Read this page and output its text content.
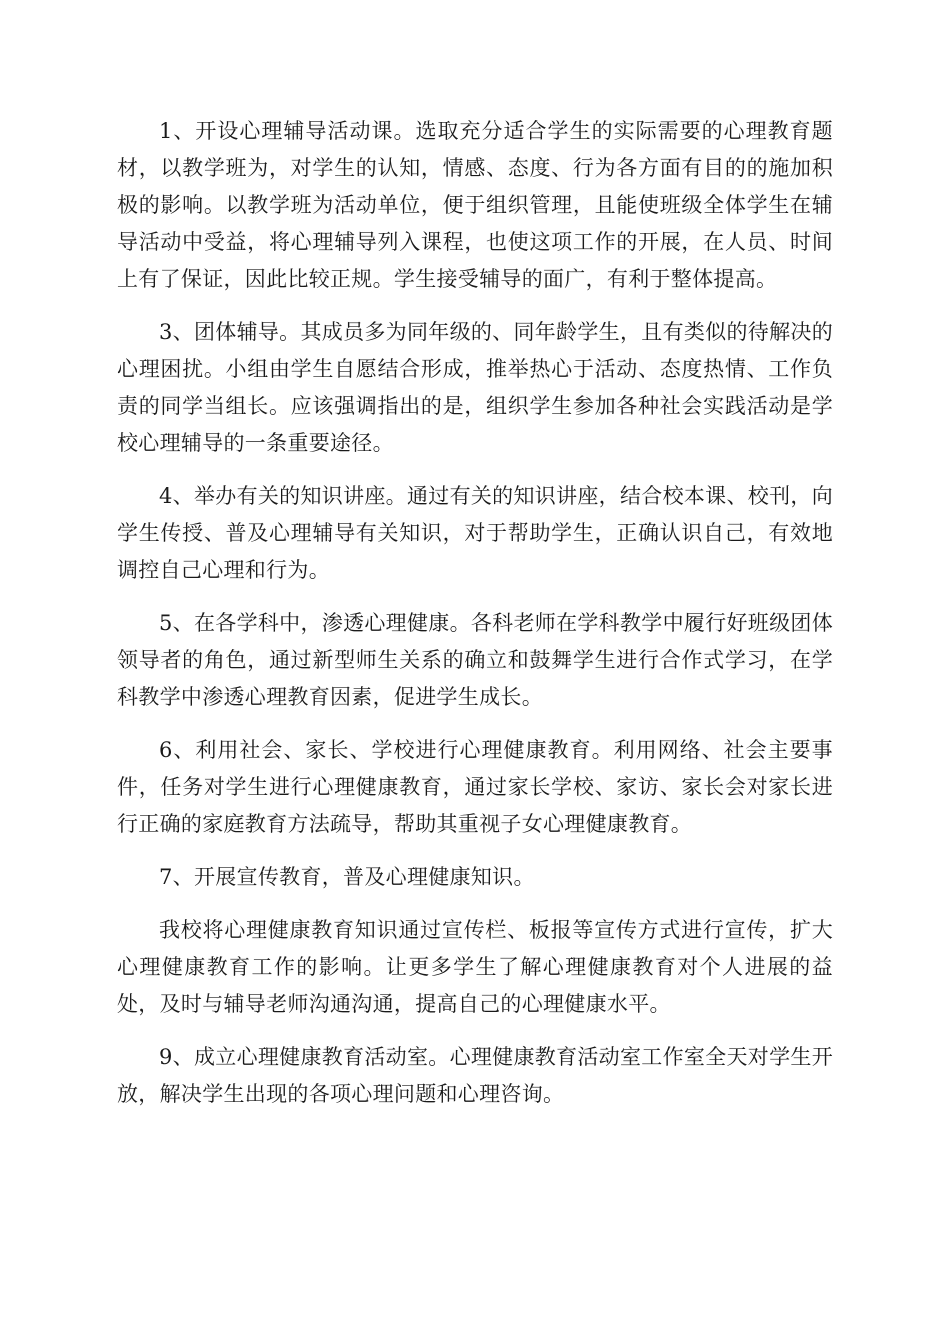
1、开设心理辅导活动课。选取充分适合学生的实际需要的心理教育题材，以教学班为，对学生的认知，情感、态度、行为各方面有目的的施加积极的影响。以教学班为活动单位，便于组织管理，且能使班级全体学生在辅导活动中受益，将心理辅导列入课程，也使这项工作的开展，在人员、时间上有了保证，因此比较正规。学生接受辅导的面广，有利于整体提高。

3、团体辅导。其成员多为同年级的、同年龄学生，且有类似的待解决的心理困扰。小组由学生自愿结合形成，推举热心于活动、态度热情、工作负责的同学当组长。应该强调指出的是，组织学生参加各种社会实践活动是学校心理辅导的一条重要途径。

4、举办有关的知识讲座。通过有关的知识讲座，结合校本课、校刊，向学生传授、普及心理辅导有关知识，对于帮助学生，正确认识自己，有效地调控自己心理和行为。

5、在各学科中，渗透心理健康。各科老师在学科教学中履行好班级团体领导者的角色，通过新型师生关系的确立和鼓舞学生进行合作式学习，在学科教学中渗透心理教育因素，促进学生成长。

6、利用社会、家长、学校进行心理健康教育。利用网络、社会主要事件，任务对学生进行心理健康教育，通过家长学校、家访、家长会对家长进行正确的家庭教育方法疏导，帮助其重视子女心理健康教育。

7、开展宣传教育，普及心理健康知识。

我校将心理健康教育知识通过宣传栏、板报等宣传方式进行宣传，扩大心理健康教育工作的影响。让更多学生了解心理健康教育对个人进展的益处，及时与辅导老师沟通沟通，提高自己的心理健康水平。

9、成立心理健康教育活动室。心理健康教育活动室工作室全天对学生开放，解决学生出现的各项心理问题和心理咨询。
